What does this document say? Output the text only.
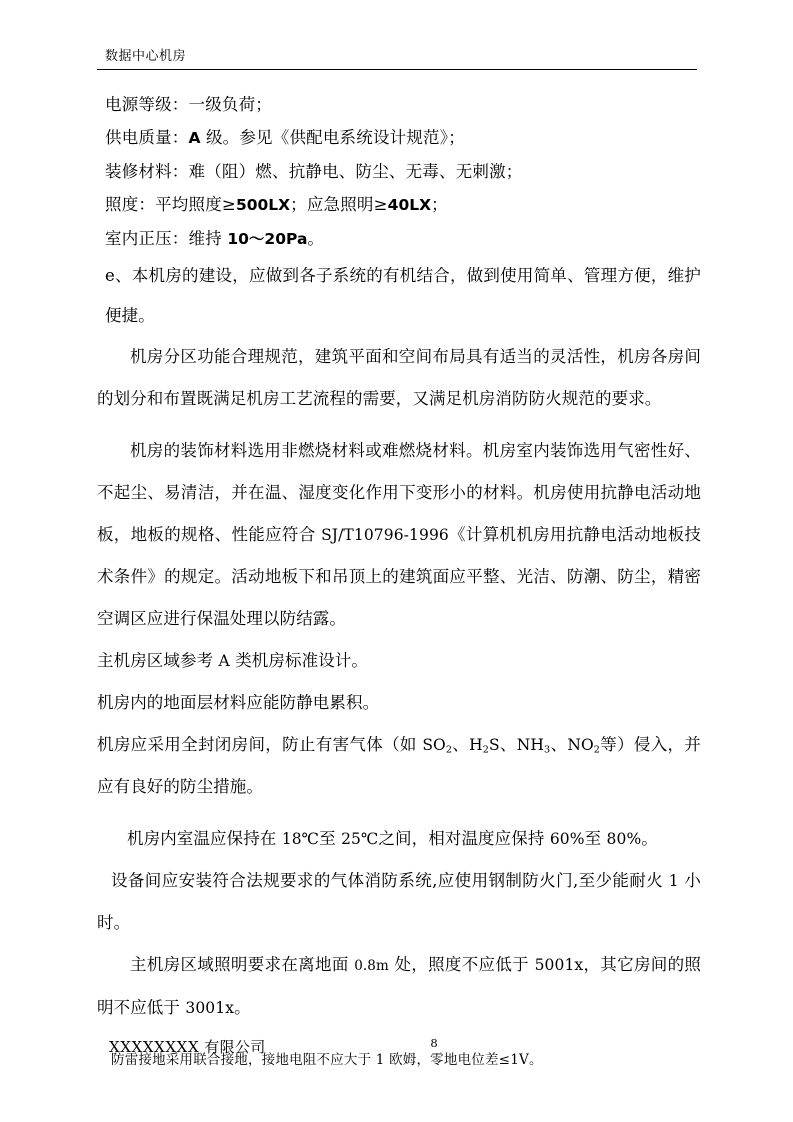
数据中心机房
电源等级：一级负荷；
供电质量：A 级。参见《供配电系统设计规范》；
装修材料：难（阻）燃、抗静电、防尘、无毒、无刺激；
照度：平均照度≥500LX；应急照明≥40LX；
室内正压：维持 10～20Pa。
e、本机房的建设，应做到各子系统的有机结合，做到使用简单、管理方便，维护便捷。
机房分区功能合理规范，建筑平面和空间布局具有适当的灵活性，机房各房间的划分和布置既满足机房工艺流程的需要，又满足机房消防防火规范的要求。
机房的装饰材料选用非燃烧材料或难燃烧材料。机房室内装饰选用气密性好、不起尘、易清洁，并在温、湿度变化作用下变形小的材料。机房使用抗静电活动地板，地板的规格、性能应符合 SJ/T10796-1996《计算机机房用抗静电活动地板技术条件》的规定。活动地板下和吊顶上的建筑面应平整、光洁、防潮、防尘，精密空调区应进行保温处理以防结露。
主机房区域参考 A 类机房标准设计。
机房内的地面层材料应能防静电累积。
机房应采用全封闭房间，防止有害气体（如 $SO_2$、$H_2S$、$NH_3$、$NO_2$等）侵入，并应有良好的防尘措施。
机房内室温应保持在 18℃至 25℃之间，相对温度应保持 60%至 80%。
设备间应安装符合法规要求的气体消防系统,应使用钢制防火门,至少能耐火 1 小时。
主机房区域照明要求在离地面 0.8m 处，照度不应低于 5001x，其它房间的照明不应低于 3001x。
防雷接地采用联合接地，接地电阻不应大于 1 欧姆，零地电位差≤1V。
XXXXXXXX 有限公司	8
